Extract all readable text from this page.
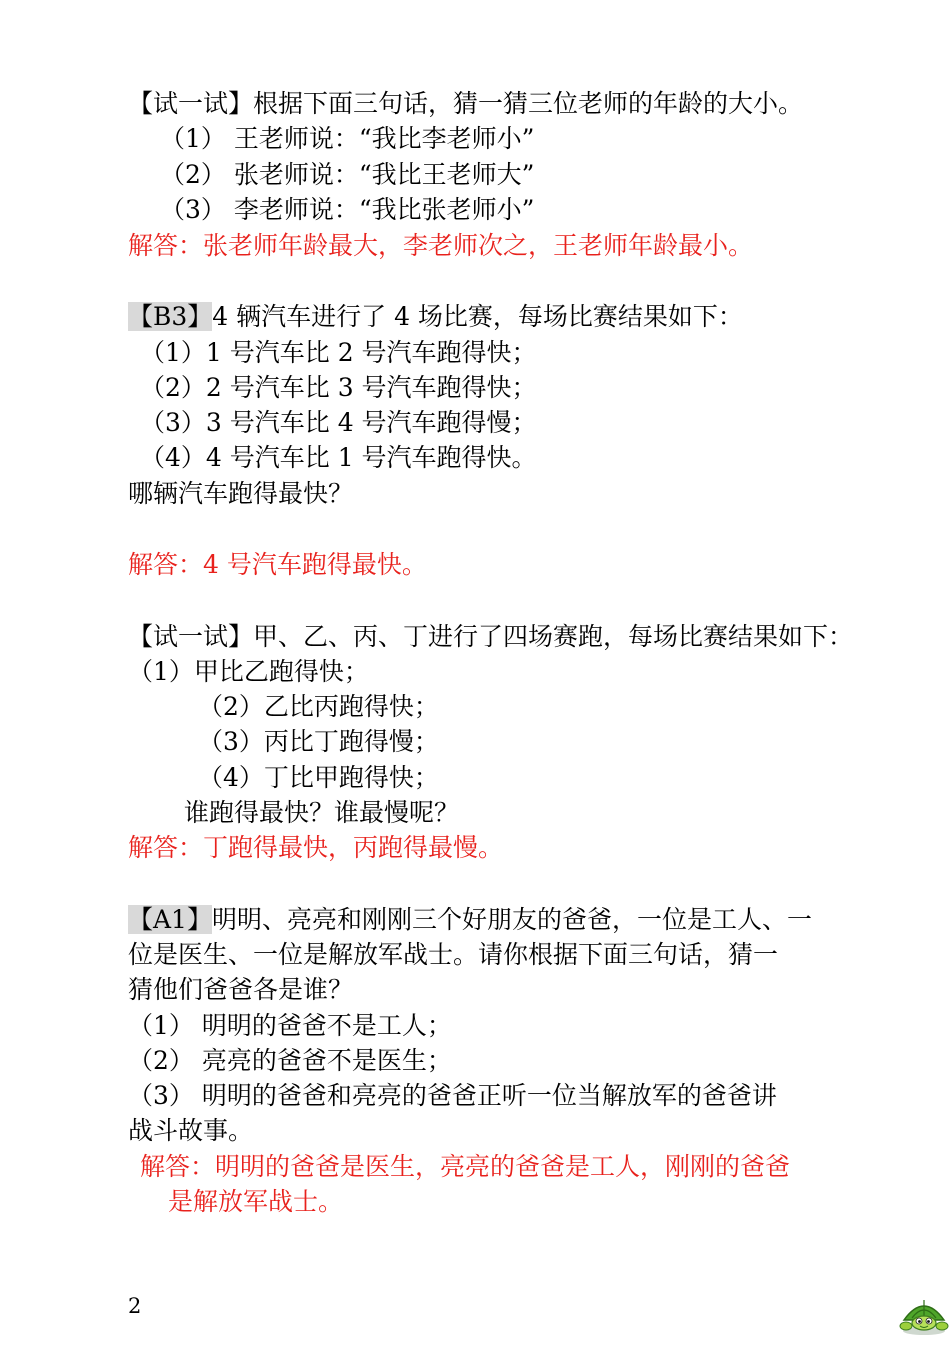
【试一试】根据下面三句话，猜一猜三位老师的年龄的大小。
（1） 王老师说：“我比李老师小”
（2） 张老师说：“我比王老师大”
（3） 李老师说：“我比张老师小”
解答：张老师年龄最大，李老师次之，王老师年龄最小。
【B3】4 辆汽车进行了 4 场比赛，每场比赛结果如下：
（1）1 号汽车比 2 号汽车跑得快；
（2）2 号汽车比 3 号汽车跑得快；
（3）3 号汽车比 4 号汽车跑得慢；
（4）4 号汽车比 1 号汽车跑得快。
哪辆汽车跑得最快？
解答：4 号汽车跑得最快。
【试一试】甲、乙、丙、丁进行了四场赛跑，每场比赛结果如下：
（1）甲比乙跑得快；
（2）乙比丙跑得快；
（3）丙比丁跑得慢；
（4）丁比甲跑得快；
谁跑得最快？谁最慢呢？
解答：丁跑得最快，丙跑得最慢。
【A1】明明、亮亮和刚刚三个好朋友的爸爸，一位是工人、一
位是医生、一位是解放军战士。请你根据下面三句话，猜一
猜他们爸爸各是谁？
（1） 明明的爸爸不是工人；
（2） 亮亮的爸爸不是医生；
（3） 明明的爸爸和亮亮的爸爸正听一位当解放军的爸爸讲
战斗故事。
解答：明明的爸爸是医生，亮亮的爸爸是工人，刚刚的爸爸
是解放军战士。
2
